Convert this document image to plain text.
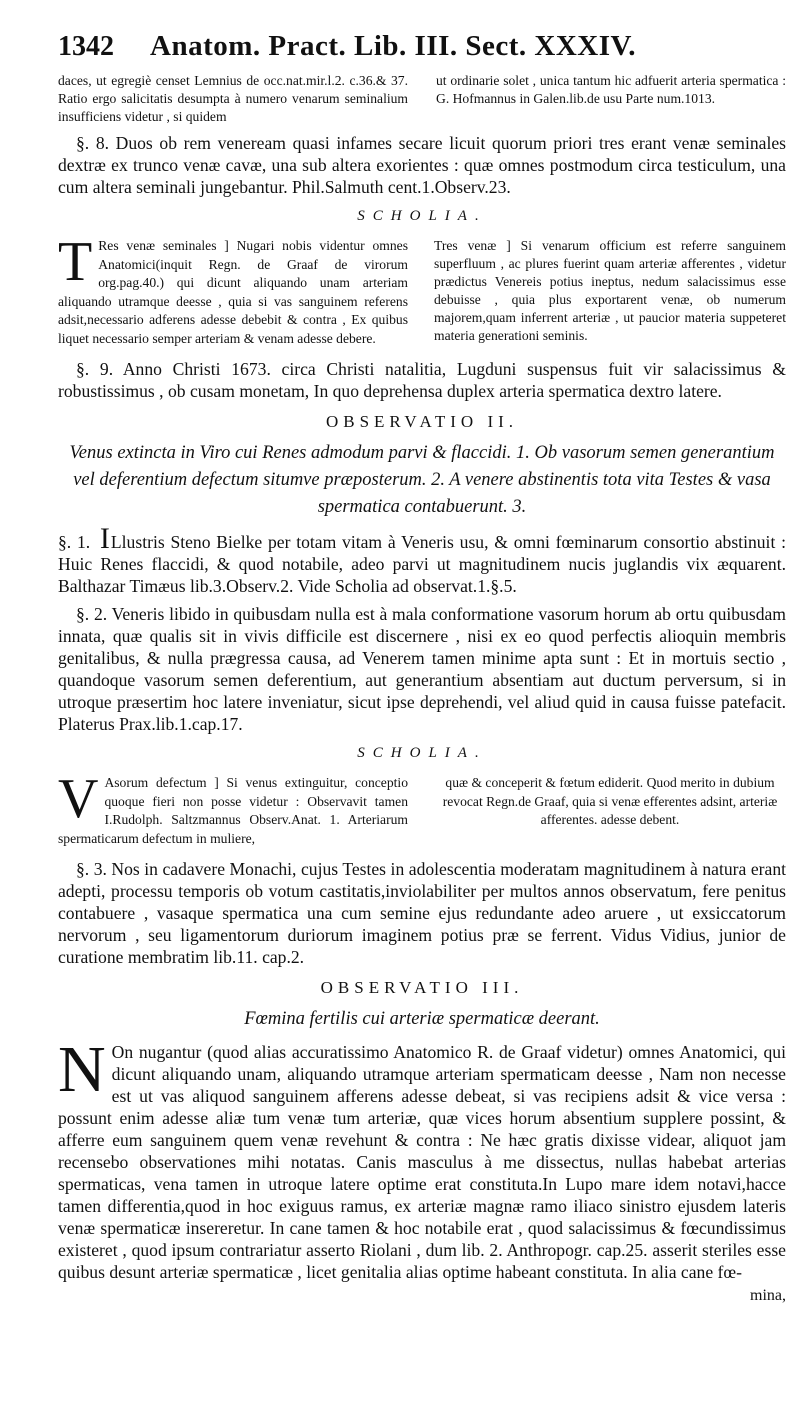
1342	Anatom. Pract. Lib. III. Sect. XXXIV.

daces, ut egregiè censet Lemnius de occ.nat.mir.l.2. c.36.& 37. Ratio ergo salicitatis desumpta à numero venarum seminalium insufficiens videtur , si quidem

ut ordinarie solet , unica tantum hic adfuerit arteria spermatica : G. Hofmannus in Galen.lib.de usu Parte num.1013.

§. 8. Duos ob rem veneream quasi infames secare licuit quorum priori tres erant venæ seminales dextræ ex trunco venæ cavæ, una sub altera exorientes : quæ omnes postmodum circa testiculum, una cum altera seminali jungebantur. Phil.Salmuth cent.1.Observ.23.

SCHOLIA.
T Res venæ seminales ] Nugari nobis videntur omnes Anatomici(inquit Regn. de Graaf de virorum org.pag.40.) qui dicunt aliquando unam arteriam aliquando utramque deesse , quia si vas sanguinem referens adsit,necessario adferens adesse debebit & contra , Ex quibus liquet necessario semper arteriam & venam adesse debere.

Tres venæ ] Si venarum officium est referre sanguinem superfluum , ac plures fuerint quam arteriæ afferentes , videtur prædictus Venereis potius ineptus, nedum salacissimus esse debuisse , quia plus exportarent venæ, ob numerum majorem,quam inferrent arteriæ , ut paucior materia suppeteret materia generationi seminis.

§. 9. Anno Christi 1673. circa Christi natalitia, Lugduni suspensus fuit vir salacissimus & robustissimus , ob cusam monetam, In quo deprehensa duplex arteria spermatica dextro latere.

OBSERVATIO II.
Venus extincta in Viro cui Renes admodum parvi & flaccidi. 1. Ob vasorum semen generantium vel deferentium defectum situmve præposterum. 2. A venere abstinentis tota vita Testes & vasa spermatica contabuerunt. 3.
§. 1. ILlustris Steno Bielke per totam vitam à Veneris usu, & omni fœminarum consortio abstinuit : Huic Renes flaccidi, & quod notabile, adeo parvi ut magnitudinem nucis juglandis vix æquarent. Balthazar Timæus lib.3.Observ.2. Vide Scholia ad observat.1.§.5.

§. 2. Veneris libido in quibusdam nulla est à mala conformatione vasorum horum ab ortu quibusdam innata, quæ qualis sit in vivis difficile est discernere , nisi ex eo quod perfectis alioquin membris genitalibus, & nulla prægressa causa, ad Venerem tamen minime apta sunt : Et in mortuis sectio , quandoque vasorum semen deferentium, aut generantium absentiam aut ductum perversum, si in utroque præsertim hoc latere inveniatur, sicut ipse deprehendi, vel aliud quid in causa fuisse patefacit. Platerus Prax.lib.1.cap.17.

SCHOLIA.
V Asorum defectum ] Si venus extinguitur, conceptio quoque fieri non posse videtur : Observavit tamen I.Rudolph. Saltzmannus Observ.Anat. 1. Arteriarum spermaticarum defectum in muliere,

quæ & conceperit & fœtum ediderit. Quod merito in dubium revocat Regn.de Graaf, quia si venæ efferentes adsint, arteriæ afferentes. adesse debent.

§. 3. Nos in cadavere Monachi, cujus Testes in adolescentia moderatam magnitudinem à natura erant adepti, processu temporis ob votum castitatis,inviolabiliter per multos annos observatum, fere penitus contabuere , vasaque spermatica una cum semine ejus redundante adeo aruere , ut exsiccatorum nervorum , seu ligamentorum duriorum imaginem potius præ se ferrent. Vidus Vidius, junior de curatione membratim lib.11. cap.2.

OBSERVATIO III.
Fœmina fertilis cui arteriæ spermaticæ deerant.
N On nugantur (quod alias accuratissimo Anatomico R. de Graaf videtur) omnes Anatomici, qui dicunt aliquando unam, aliquando utramque arteriam spermaticam deesse , Nam non necesse est ut vas aliquod sanguinem afferens adesse debeat, si vas recipiens adsit & vice versa : possunt enim adesse aliæ tum venæ tum arteriæ, quæ vices horum absentium supplere possint, & afferre eum sanguinem quem venæ revehunt & contra : Ne hæc gratis dixisse videar, aliquot jam recensebo observationes mihi notatas. Canis masculus à me dissectus, nullas habebat arterias spermaticas, vena tamen in utroque latere optime erat constituta.In Lupo mare idem notavi,hacce tamen differentia,quod in hoc exiguus ramus, ex arteriæ magnæ ramo iliaco sinistro ejusdem lateris venæ spermaticæ insereretur. In cane tamen & hoc notabile erat , quod salacissimus & fœcundissimus existeret , quod ipsum contrariatur asserto Riolani , dum lib. 2. Anthropogr. cap.25. asserit steriles esse quibus desunt arteriæ spermaticæ , licet genitalia alias optime habeant constituta. In alia cane fœ-
mina,
